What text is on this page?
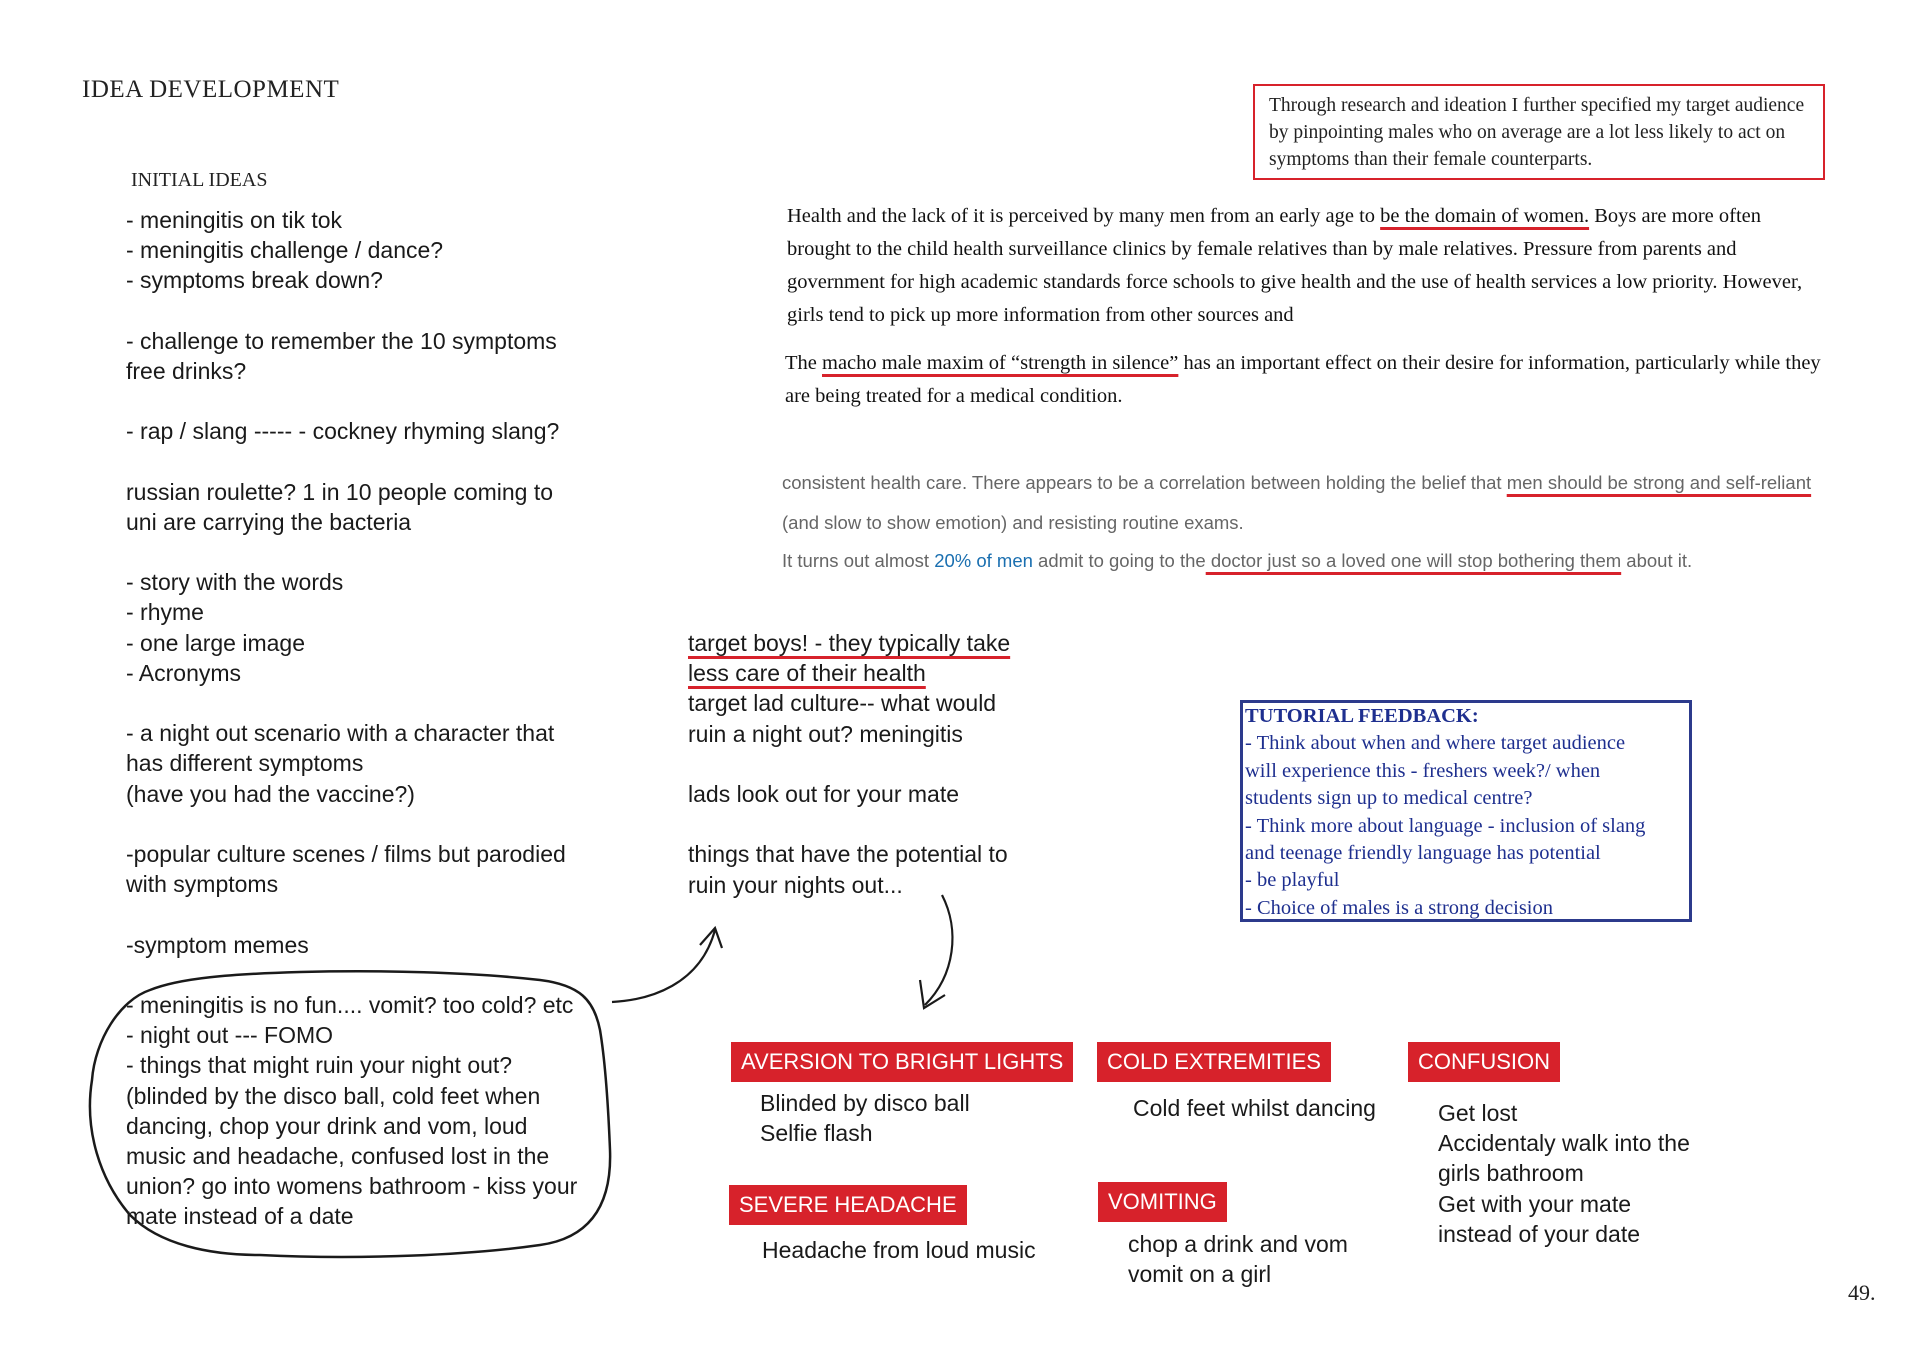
IDEA DEVELOPMENT
INITIAL IDEAS
- meningitis on tik tok
- meningitis challenge / dance?
- symptoms break down?
- challenge to remember the 10 symptoms
free drinks?
- rap / slang ----- - cockney rhyming slang?
russian roulette? 1 in 10 people coming to
uni are carrying the bacteria
- story with the words
- rhyme
- one large image
- Acronyms
- a night out scenario with a character that
has different symptoms
(have you had the vaccine?)
-popular culture scenes / films but parodied
with symptoms
-symptom memes
- meningitis is no fun.... vomit? too cold? etc
- night out --- FOMO
- things that might ruin your night out?
(blinded by the disco ball, cold feet when
dancing, chop your drink and vom, loud
music and headache, confused lost in the
union? go into womens bathroom - kiss your
mate instead of a date
target boys! - they typically take
less care of their health
target lad culture-- what would
ruin a night out? meningitis
lads look out for your mate
things that have the potential to
ruin your nights out...
Through research and ideation I further specified my target audience by pinpointing males who on average are a lot less likely to act on symptoms than their female counterparts.
Health and the lack of it is perceived by many men from an early age to be the domain of women. Boys are more often brought to the child health surveillance clinics by female relatives than by male relatives. Pressure from parents and government for high academic standards force schools to give health and the use of health services a low priority. However, girls tend to pick up more information from other sources and
The macho male maxim of “strength in silence” has an important effect on their desire for information, particularly while they are being treated for a medical condition.
consistent health care. There appears to be a correlation between holding the belief that men should be strong and self-reliant (and slow to show emotion) and resisting routine exams.
It turns out almost 20% of men admit to going to the doctor just so a loved one will stop bothering them about it.
TUTORIAL FEEDBACK:
- Think about when and where target audience
will experience this - freshers week?/ when
students sign up to medical centre?
- Think more about language - inclusion of slang
and teenage friendly language has potential
- be playful
- Choice of males is a strong decision
AVERSION TO BRIGHT LIGHTS
Blinded by disco ball
Selfie flash
SEVERE HEADACHE
Headache from loud music
COLD EXTREMITIES
Cold feet whilst dancing
VOMITING
chop a drink and vom
vomit on a girl
CONFUSION
Get lost
Accidentaly walk into the
girls bathroom
Get with your mate
instead of your date
49.
